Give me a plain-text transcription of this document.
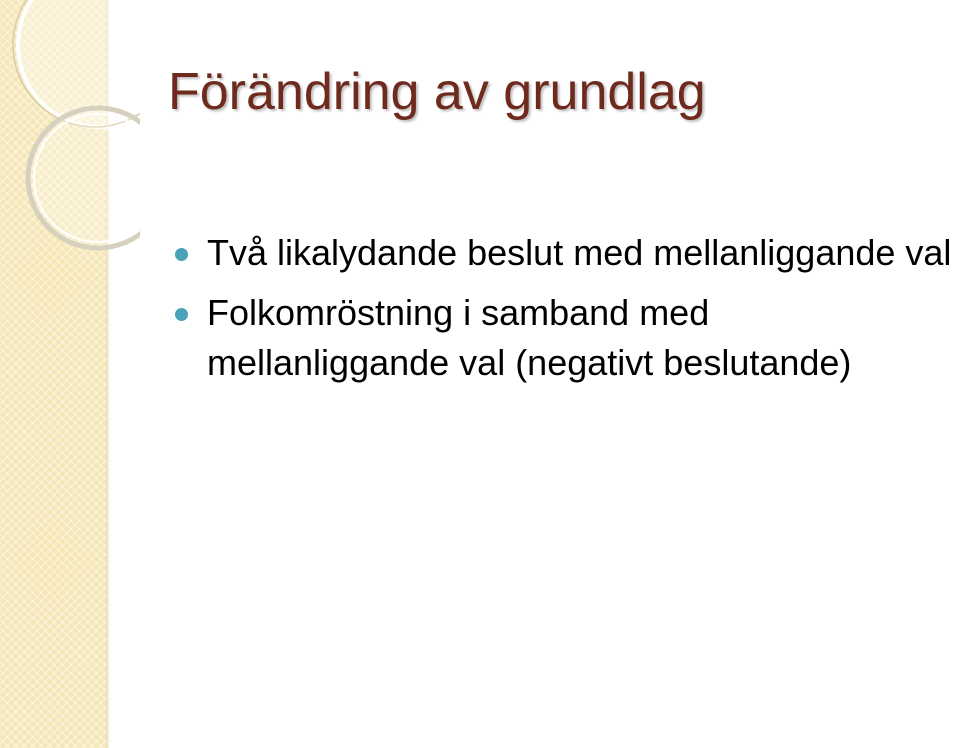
Förändring av grundlag
Två likalydande beslut med mellanliggande val
Folkomröstning i samband med mellanliggande val (negativt beslutande)
